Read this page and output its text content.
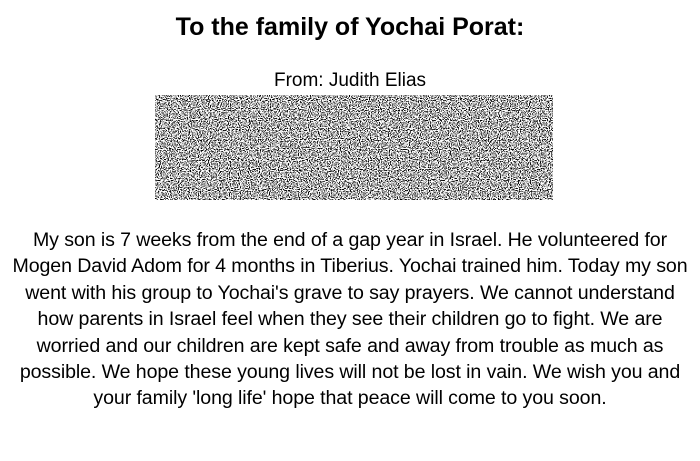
To the family of Yochai Porat:
From: Judith Elias
My son is 7 weeks from the end of a gap year in Israel. He volunteered for Mogen David Adom for 4 months in Tiberius. Yochai trained him. Today my son went with his group to Yochai's grave to say prayers. We cannot understand how parents in Israel feel when they see their children go to fight. We are worried and our children are kept safe and away from trouble as much as possible. We hope these young lives will not be lost in vain. We wish you and your family 'long life' hope that peace will come to you soon.
